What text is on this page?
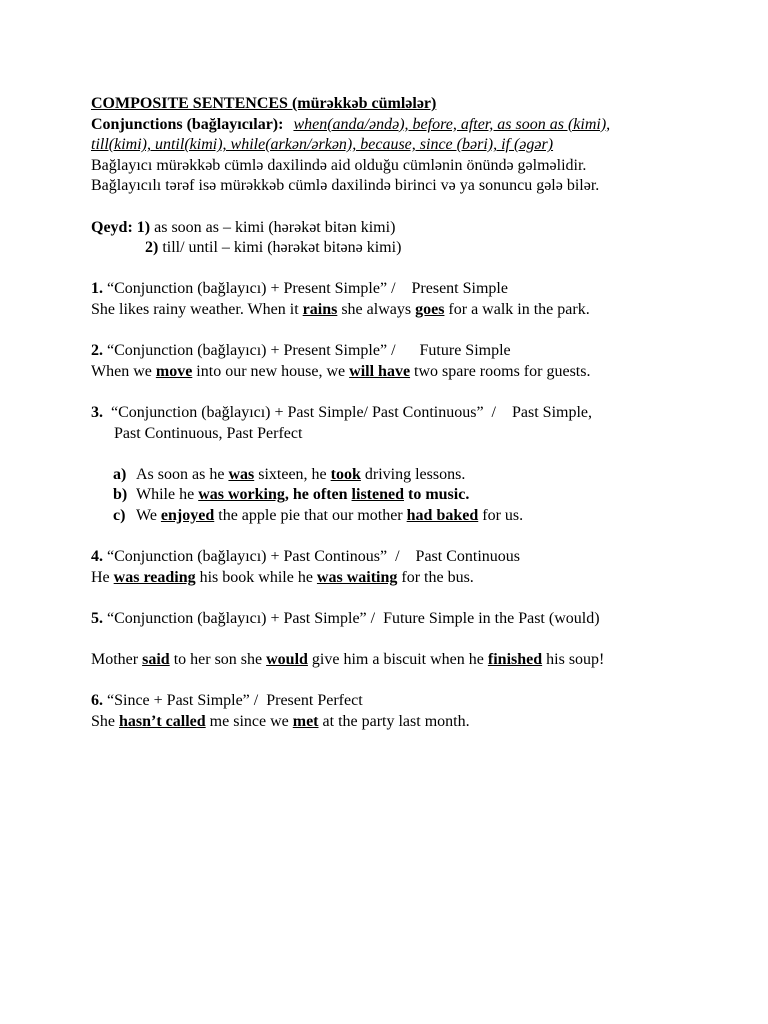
COMPOSITE SENTENCES (mürəkkəb cümlələr)
Conjunctions (bağlayıcılar): when(anda/əndə), before, after, as soon as (kimi),
till(kimi), until(kimi), while(arkən/ərkən), because, since (bəri), if (əgər)
Bağlayıcı mürəkkəb cümlə daxilində aid olduğu cümlənin önündə gəlməlidir.
Bağlayıcılı tərəf isə mürəkkəb cümlə daxilində birinci və ya sonuncu gələ bilər.
Qeyd: 1) as soon as – kimi (hərəkət bitən kimi)
2) till/ until – kimi (hərəkət bitənə kimi)
1. “Conjunction (bağlayıcı) + Present Simple” /    Present Simple
She likes rainy weather. When it rains she always goes for a walk in the park.
2. “Conjunction (bağlayıcı) + Present Simple” /      Future Simple
When we move into our new house, we will have two spare rooms for guests.
3.  “Conjunction (bağlayıcı) + Past Simple/ Past Continuous”  /    Past Simple,
Past Continuous, Past Perfect
a) As soon as he was sixteen, he took driving lessons.
b) While he was working, he often listened to music.
c) We enjoyed the apple pie that our mother had baked for us.
4. “Conjunction (bağlayıcı) + Past Continous”  /    Past Continuous
He was reading his book while he was waiting for the bus.
5. “Conjunction (bağlayıcı) + Past Simple” /  Future Simple in the Past (would)
Mother said to her son she would give him a biscuit when he finished his soup!
6. “Since + Past Simple” /  Present Perfect
She hasn’t called me since we met at the party last month.
